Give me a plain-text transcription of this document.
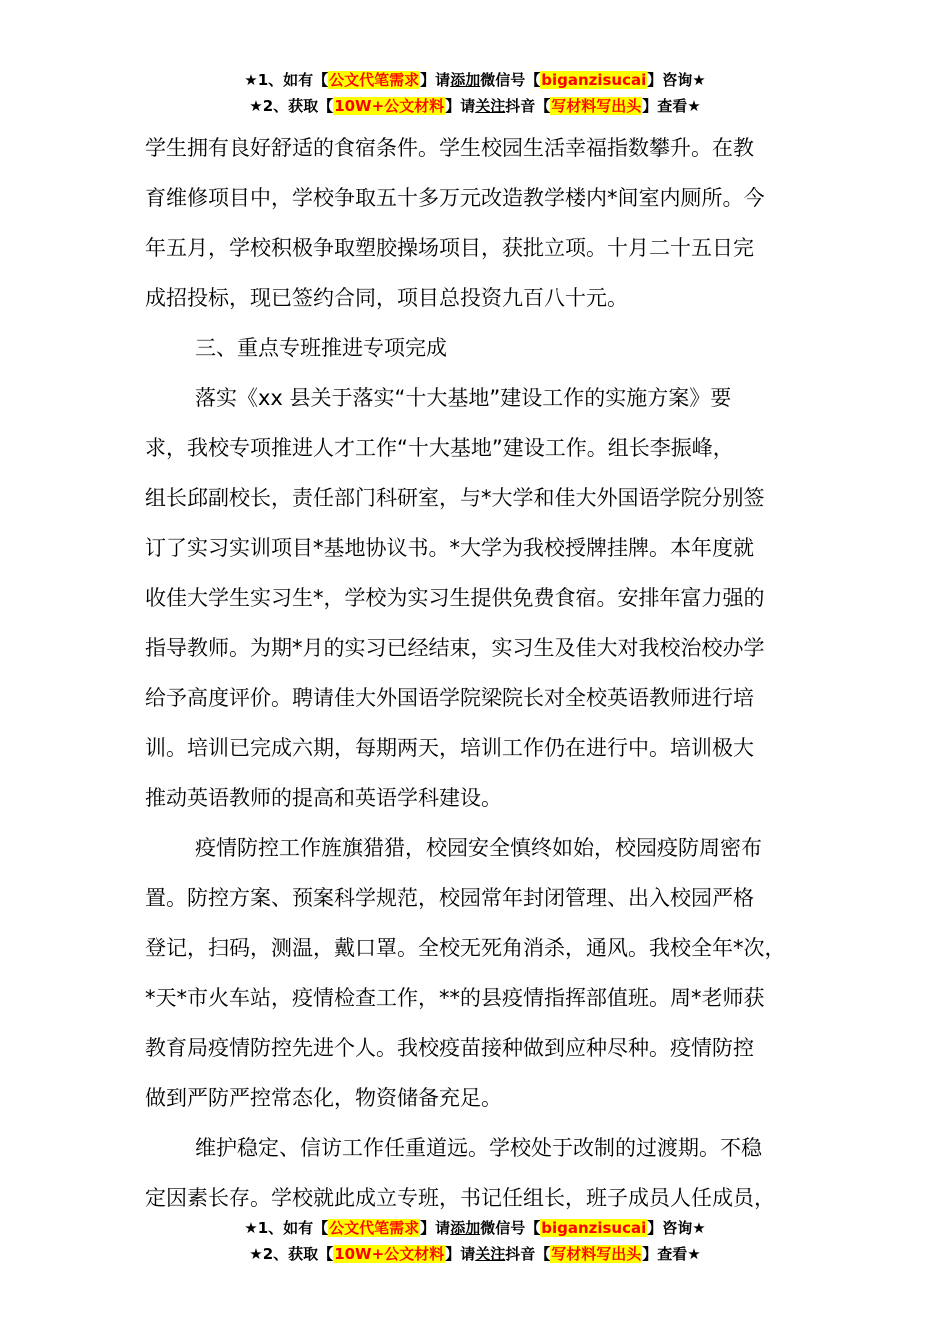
★1、如有【公文代笔需求】请添加微信号【biganzisucai】咨询★
★2、获取【10W+公文材料】请关注抖音【写材料写出头】查看★
学生拥有良好舒适的食宿条件。学生校园生活幸福指数攀升。在教
育维修项目中，学校争取五十多万元改造教学楼内*间室内厕所。今
年五月，学校积极争取塑胶操场项目，获批立项。十月二十五日完
成招投标，现已签约合同，项目总投资九百八十元。
三、重点专班推进专项完成
落实《xx 县关于落实“十大基地”建设工作的实施方案》要
求，我校专项推进人才工作“十大基地”建设工作。组长李振峰，
组长邱副校长，责任部门科研室，与*大学和佳大外国语学院分别签
订了实习实训项目*基地协议书。*大学为我校授牌挂牌。本年度就
收佳大学生实习生*，学校为实习生提供免费食宿。安排年富力强的
指导教师。为期*月的实习已经结束，实习生及佳大对我校治校办学
给予高度评价。聘请佳大外国语学院梁院长对全校英语教师进行培
训。培训已完成六期，每期两天，培训工作仍在进行中。培训极大
推动英语教师的提高和英语学科建设。
疫情防控工作旌旗猎猎，校园安全慎终如始，校园疫防周密布
置。防控方案、预案科学规范，校园常年封闭管理、出入校园严格
登记，扫码，测温，戴口罩。全校无死角消杀，通风。我校全年*次，
*天*市火车站，疫情检查工作，**的县疫情指挥部值班。周*老师获
教育局疫情防控先进个人。我校疫苗接种做到应种尽种。疫情防控
做到严防严控常态化，物资储备充足。
维护稳定、信访工作任重道远。学校处于改制的过渡期。不稳
定因素长存。学校就此成立专班，书记任组长，班子成员人任成员，
★1、如有【公文代笔需求】请添加微信号【biganzisucai】咨询★
★2、获取【10W+公文材料】请关注抖音【写材料写出头】查看★
